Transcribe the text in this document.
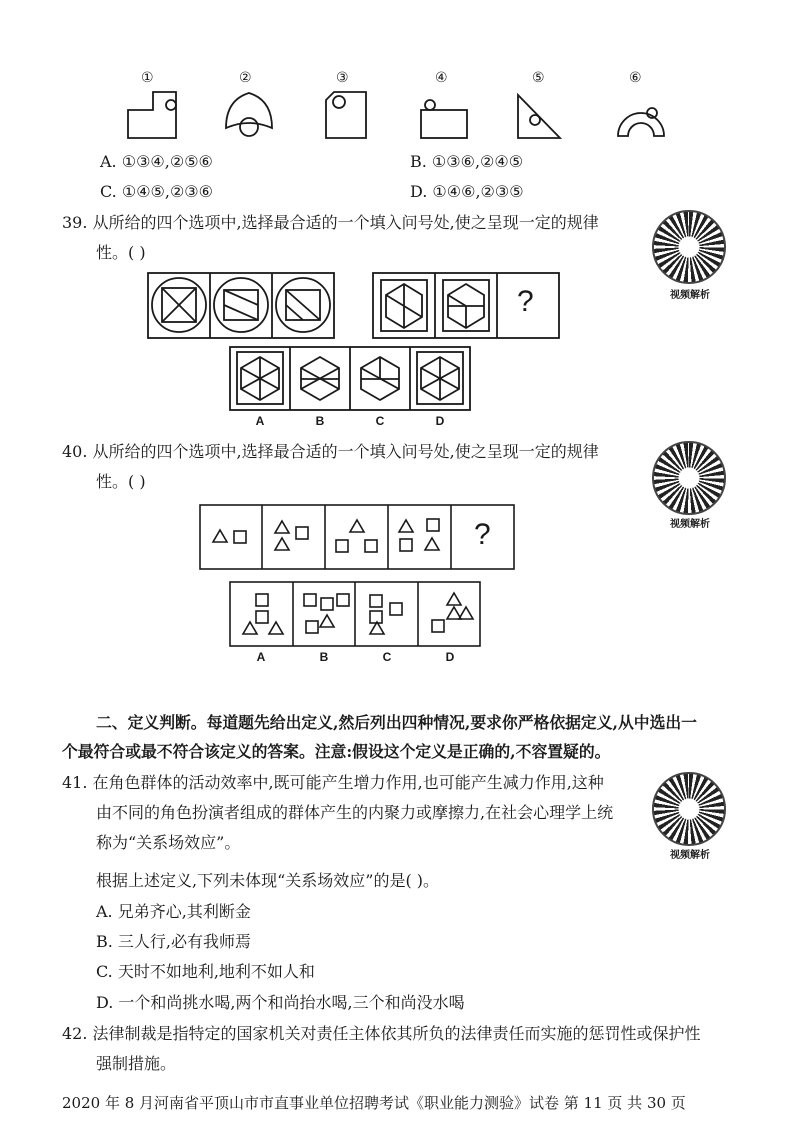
①	②	③	④	⑤	⑥
A. ①③④,②⑤⑥	B. ①③⑥,②④⑤
C. ①④⑤,②③⑥	D. ①④⑥,②③⑤
39. 从所给的四个选项中,选择最合适的一个填入问号处,使之呈现一定的规律
性。( )
视频解析
?
A	B	C	D
40. 从所给的四个选项中,选择最合适的一个填入问号处,使之呈现一定的规律
性。( )
视频解析
?
A	B	C	D
二、定义判断。每道题先给出定义,然后列出四种情况,要求你严格依据定义,从中选出一
个最符合或最不符合该定义的答案。注意:假设这个定义是正确的,不容置疑的。
41. 在角色群体的活动效率中,既可能产生增力作用,也可能产生减力作用,这种
由不同的角色扮演者组成的群体产生的内聚力或摩擦力,在社会心理学上统
称为“关系场效应”。
视频解析
根据上述定义,下列未体现“关系场效应”的是( )。
A. 兄弟齐心,其利断金
B. 三人行,必有我师焉
C. 天时不如地利,地利不如人和
D. 一个和尚挑水喝,两个和尚抬水喝,三个和尚没水喝
42. 法律制裁是指特定的国家机关对责任主体依其所负的法律责任而实施的惩罚性或保护性
强制措施。
2020 年 8 月河南省平顶山市市直事业单位招聘考试《职业能力测验》试卷 第 11 页 共 30 页
